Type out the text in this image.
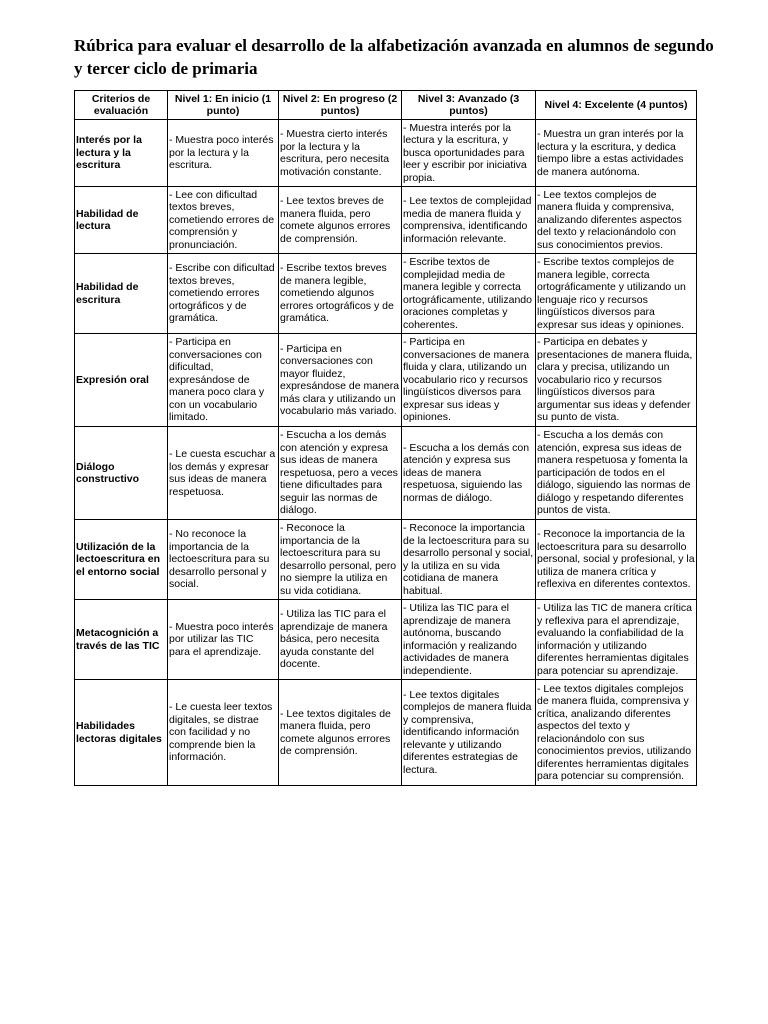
Rúbrica para evaluar el desarrollo de la alfabetización avanzada en alumnos de segundo y tercer ciclo de primaria
Criterios de evaluación	Nivel 1: En inicio (1 punto)	Nivel 2: En progreso (2 puntos)	Nivel 3: Avanzado (3 puntos)	Nivel 4: Excelente (4 puntos)
Interés por la lectura y la escritura	- Muestra poco interés por la lectura y la escritura.	- Muestra cierto interés por la lectura y la escritura, pero necesita motivación constante.	- Muestra interés por la lectura y la escritura, y busca oportunidades para leer y escribir por iniciativa propia.	- Muestra un gran interés por la lectura y la escritura, y dedica tiempo libre a estas actividades de manera autónoma.
Habilidad de lectura	- Lee con dificultad textos breves, cometiendo errores de comprensión y pronunciación.	- Lee textos breves de manera fluida, pero comete algunos errores de comprensión.	- Lee textos de complejidad media de manera fluida y comprensiva, identificando información relevante.	- Lee textos complejos de manera fluida y comprensiva, analizando diferentes aspectos del texto y relacionándolo con sus conocimientos previos.
Habilidad de escritura	- Escribe con dificultad textos breves, cometiendo errores ortográficos y de gramática.	- Escribe textos breves de manera legible, cometiendo algunos errores ortográficos y de gramática.	- Escribe textos de complejidad media de manera legible y correcta ortográficamente, utilizando oraciones completas y coherentes.	- Escribe textos complejos de manera legible, correcta ortográficamente y utilizando un lenguaje rico y recursos lingüísticos diversos para expresar sus ideas y opiniones.
Expresión oral	- Participa en conversaciones con dificultad, expresándose de manera poco clara y con un vocabulario limitado.	- Participa en conversaciones con mayor fluidez, expresándose de manera más clara y utilizando un vocabulario más variado.	- Participa en conversaciones de manera fluida y clara, utilizando un vocabulario rico y recursos lingüísticos diversos para expresar sus ideas y opiniones.	- Participa en debates y presentaciones de manera fluida, clara y precisa, utilizando un vocabulario rico y recursos lingüísticos diversos para argumentar sus ideas y defender su punto de vista.
Diálogo constructivo	- Le cuesta escuchar a los demás y expresar sus ideas de manera respetuosa.	- Escucha a los demás con atención y expresa sus ideas de manera respetuosa, pero a veces tiene dificultades para seguir las normas de diálogo.	- Escucha a los demás con atención y expresa sus ideas de manera respetuosa, siguiendo las normas de diálogo.	- Escucha a los demás con atención, expresa sus ideas de manera respetuosa y fomenta la participación de todos en el diálogo, siguiendo las normas de diálogo y respetando diferentes puntos de vista.
Utilización de la lectoescritura en el entorno social	- No reconoce la importancia de la lectoescritura para su desarrollo personal y social.	- Reconoce la importancia de la lectoescritura para su desarrollo personal, pero no siempre la utiliza en su vida cotidiana.	- Reconoce la importancia de la lectoescritura para su desarrollo personal y social, y la utiliza en su vida cotidiana de manera habitual.	- Reconoce la importancia de la lectoescritura para su desarrollo personal, social y profesional, y la utiliza de manera crítica y reflexiva en diferentes contextos.
Metacognición a través de las TIC	- Muestra poco interés por utilizar las TIC para el aprendizaje.	- Utiliza las TIC para el aprendizaje de manera básica, pero necesita ayuda constante del docente.	- Utiliza las TIC para el aprendizaje de manera autónoma, buscando información y realizando actividades de manera independiente.	- Utiliza las TIC de manera crítica y reflexiva para el aprendizaje, evaluando la confiabilidad de la información y utilizando diferentes herramientas digitales para potenciar su aprendizaje.
Habilidades lectoras digitales	- Le cuesta leer textos digitales, se distrae con facilidad y no comprende bien la información.	- Lee textos digitales de manera fluida, pero comete algunos errores de comprensión.	- Lee textos digitales complejos de manera fluida y comprensiva, identificando información relevante y utilizando diferentes estrategias de lectura.	- Lee textos digitales complejos de manera fluida, comprensiva y crítica, analizando diferentes aspectos del texto y relacionándolo con sus conocimientos previos, utilizando diferentes herramientas digitales para potenciar su comprensión.
